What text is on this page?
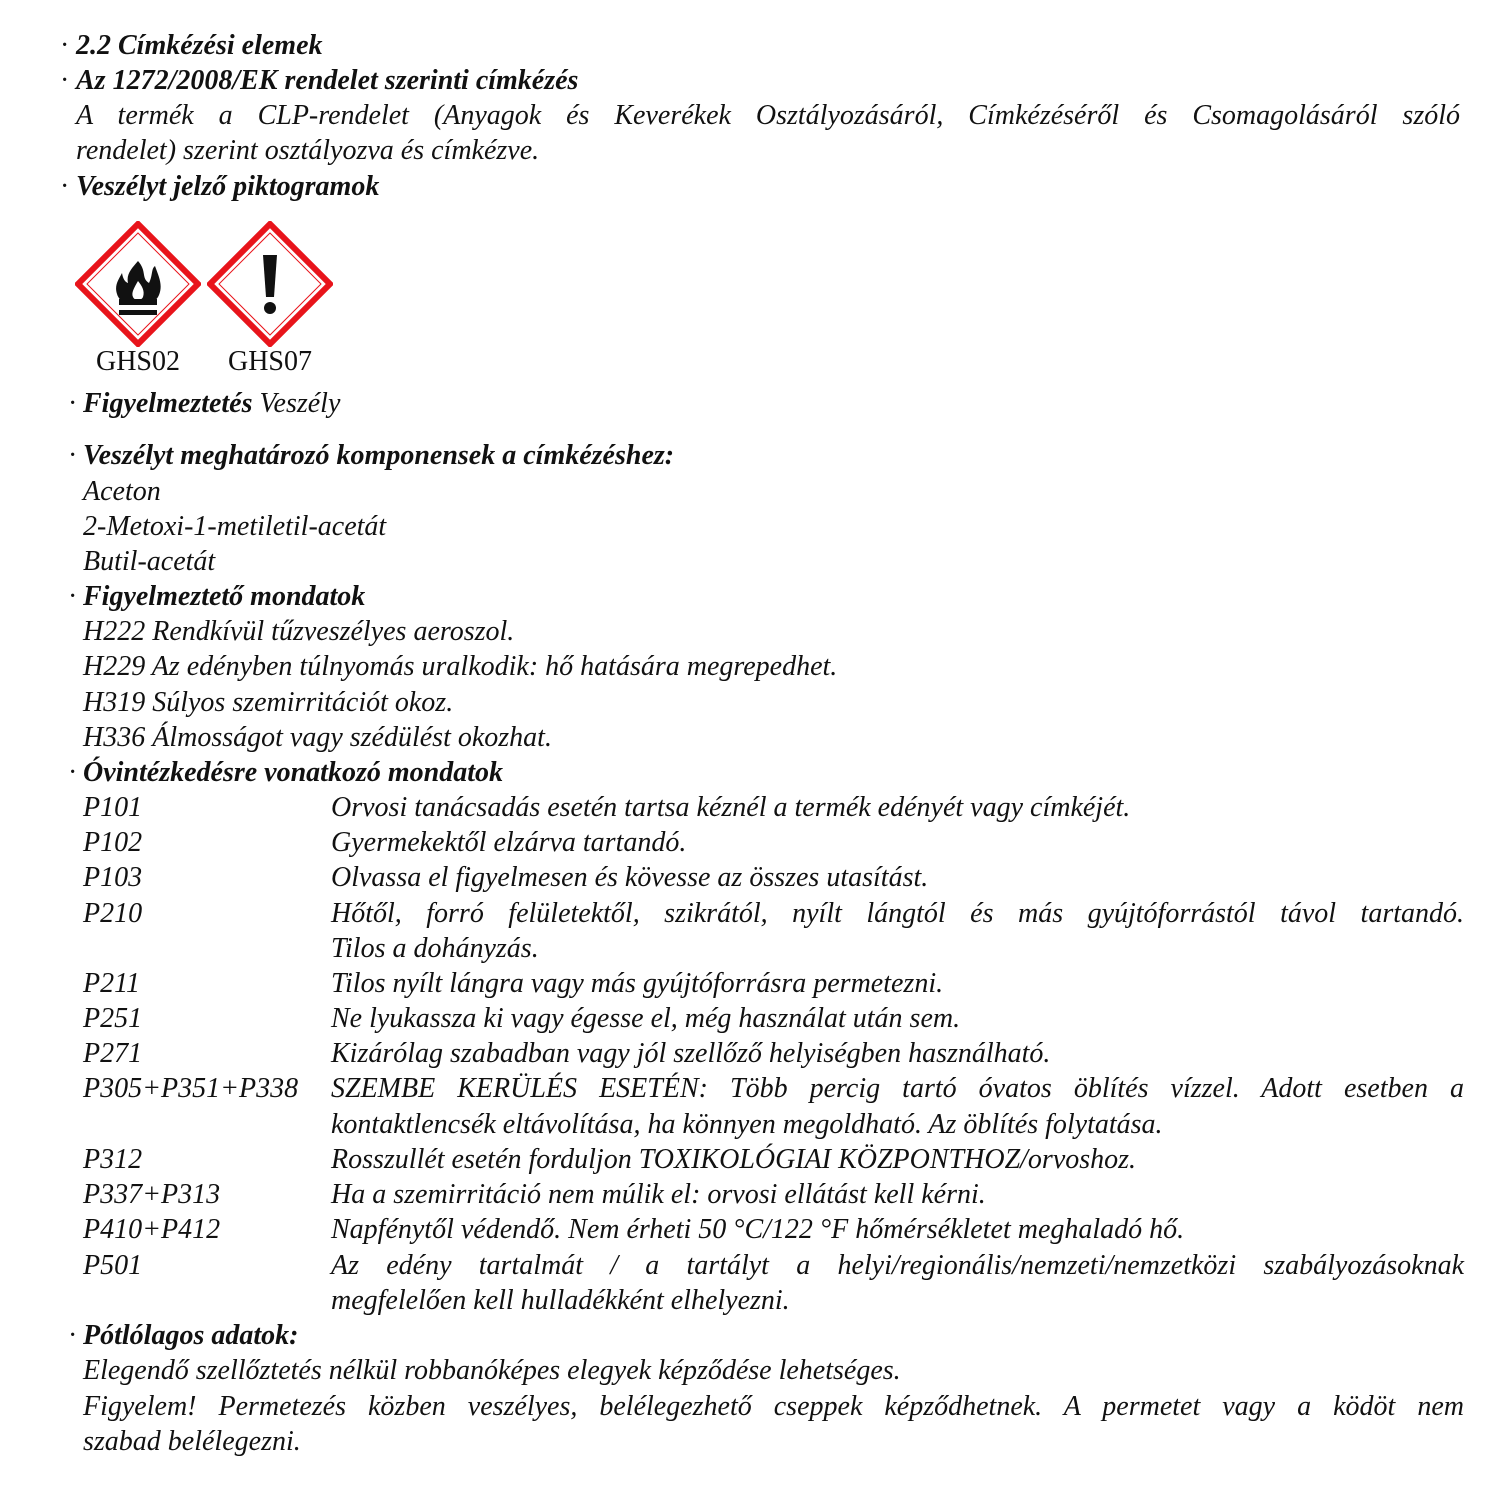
· 2.2 Címkézési elemek
· Az 1272/2008/EK rendelet szerinti címkézés
A termék a CLP-rendelet (Anyagok és Keverékek Osztályozásáról, Címkézéséről és Csomagolásáról szóló
rendelet) szerint osztályozva és címkézve.
· Veszélyt jelző piktogramok
GHS02	GHS07
· Figyelmeztetés Veszély
· Veszélyt meghatározó komponensek a címkézéshez:
Aceton
2-Metoxi-1-metiletil-acetát
Butil-acetát
· Figyelmeztető mondatok
H222 Rendkívül tűzveszélyes aeroszol.
H229 Az edényben túlnyomás uralkodik: hő hatására megrepedhet.
H319 Súlyos szemirritációt okoz.
H336 Álmosságot vagy szédülést okozhat.
· Óvintézkedésre vonatkozó mondatok
P101	Orvosi tanácsadás esetén tartsa kéznél a termék edényét vagy címkéjét.
P102	Gyermekektől elzárva tartandó.
P103	Olvassa el figyelmesen és kövesse az összes utasítást.
P210	Hőtől, forró felületektől, szikrától, nyílt lángtól és más gyújtóforrástól távol tartandó.
Tilos a dohányzás.
P211	Tilos nyílt lángra vagy más gyújtóforrásra permetezni.
P251	Ne lyukassza ki vagy égesse el, még használat után sem.
P271	Kizárólag szabadban vagy jól szellőző helyiségben használható.
P305+P351+P338 SZEMBE KERÜLÉS ESETÉN: Több percig tartó óvatos öblítés vízzel. Adott esetben a
kontaktlencsék eltávolítása, ha könnyen megoldható. Az öblítés folytatása.
P312	Rosszullét esetén forduljon TOXIKOLÓGIAI KÖZPONTHOZ/orvoshoz.
P337+P313	Ha a szemirritáció nem múlik el: orvosi ellátást kell kérni.
P410+P412	Napfénytől védendő. Nem érheti 50 °C/122 °F hőmérsékletet meghaladó hő.
P501	Az edény tartalmát / a tartályt a helyi/regionális/nemzeti/nemzetközi szabályozásoknak
megfelelően kell hulladékként elhelyezni.
· Pótlólagos adatok:
Elegendő szellőztetés nélkül robbanóképes elegyek képződése lehetséges.
Figyelem! Permetezés közben veszélyes, belélegezhető cseppek képződhetnek. A permetet vagy a ködöt nem
szabad belélegezni.
